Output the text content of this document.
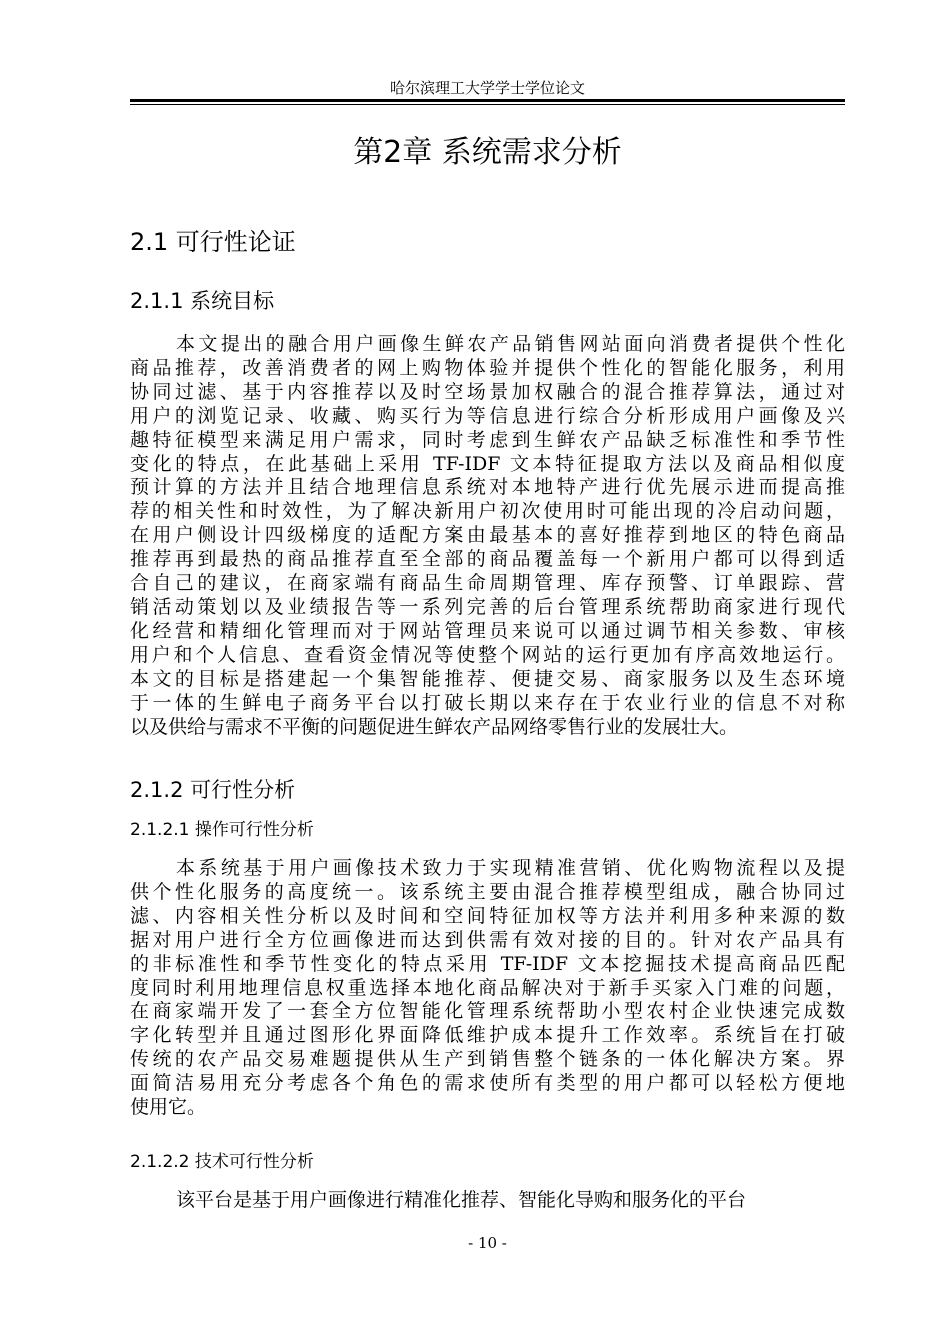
哈尔滨理工大学学士学位论文
第2章 系统需求分析
2.1 可行性论证
2.1.1 系统目标
本文提出的融合用户画像生鲜农产品销售网站面向消费者提供个性化
商品推荐，改善消费者的网上购物体验并提供个性化的智能化服务，利用
协同过滤、基于内容推荐以及时空场景加权融合的混合推荐算法，通过对
用户的浏览记录、收藏、购买行为等信息进行综合分析形成用户画像及兴
趣特征模型来满足用户需求，同时考虑到生鲜农产品缺乏标准性和季节性
变化的特点，在此基础上采用 TF-IDF 文本特征提取方法以及商品相似度
预计算的方法并且结合地理信息系统对本地特产进行优先展示进而提高推
荐的相关性和时效性，为了解决新用户初次使用时可能出现的冷启动问题，
在用户侧设计四级梯度的适配方案由最基本的喜好推荐到地区的特色商品
推荐再到最热的商品推荐直至全部的商品覆盖每一个新用户都可以得到适
合自己的建议，在商家端有商品生命周期管理、库存预警、订单跟踪、营
销活动策划以及业绩报告等一系列完善的后台管理系统帮助商家进行现代
化经营和精细化管理而对于网站管理员来说可以通过调节相关参数、审核
用户和个人信息、查看资金情况等使整个网站的运行更加有序高效地运行。
本文的目标是搭建起一个集智能推荐、便捷交易、商家服务以及生态环境
于一体的生鲜电子商务平台以打破长期以来存在于农业行业的信息不对称
以及供给与需求不平衡的问题促进生鲜农产品网络零售行业的发展壮大。
2.1.2 可行性分析
2.1.2.1 操作可行性分析
本系统基于用户画像技术致力于实现精准营销、优化购物流程以及提
供个性化服务的高度统一。该系统主要由混合推荐模型组成，融合协同过
滤、内容相关性分析以及时间和空间特征加权等方法并利用多种来源的数
据对用户进行全方位画像进而达到供需有效对接的目的。针对农产品具有
的非标准性和季节性变化的特点采用 TF-IDF 文本挖掘技术提高商品匹配
度同时利用地理信息权重选择本地化商品解决对于新手买家入门难的问题，
在商家端开发了一套全方位智能化管理系统帮助小型农村企业快速完成数
字化转型并且通过图形化界面降低维护成本提升工作效率。系统旨在打破
传统的农产品交易难题提供从生产到销售整个链条的一体化解决方案。界
面简洁易用充分考虑各个角色的需求使所有类型的用户都可以轻松方便地
使用它。
2.1.2.2 技术可行性分析
该平台是基于用户画像进行精准化推荐、智能化导购和服务化的平台
- 10 -
